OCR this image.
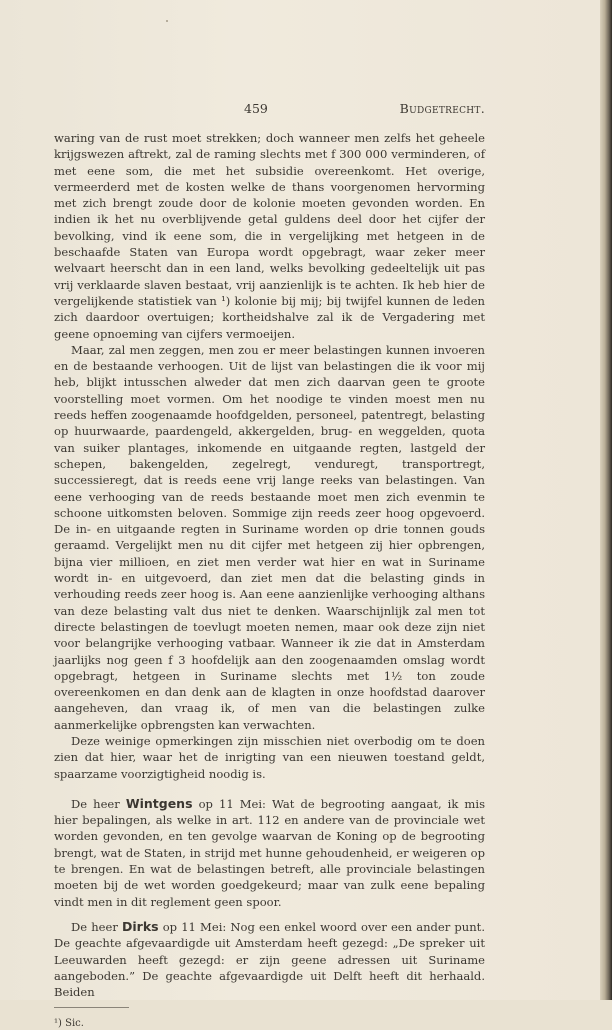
459	Budgetrecht.

waring van de rust moet strekken; doch wanneer men zelfs het geheele krijgswezen aftrekt, zal de raming slechts met f 300 000 verminderen, of met eene som, die met het subsidie overeenkomt. Het overige, vermeerderd met de kosten welke de thans voorgenomen hervorming met zich brengt zoude door de kolonie moeten gevonden worden. En indien ik het nu overblijvende getal guldens deel door het cijfer der bevolking, vind ik eene som, die in vergelijking met hetgeen in de beschaafde Staten van Europa wordt opgebragt, waar zeker meer welvaart heerscht dan in een land, welks bevolking gedeeltelijk uit pas vrij verklaarde slaven bestaat, vrij aanzienlijk is te achten. Ik heb hier de vergelijkende statistiek van ¹) kolonie bij mij; bij twijfel kunnen de leden zich daardoor overtuigen; kortheidshalve zal ik de Vergadering met geene opnoeming van cijfers vermoeijen.

Maar, zal men zeggen, men zou er meer belastingen kunnen invoeren en de bestaande verhoogen. Uit de lijst van belastingen die ik voor mij heb, blijkt intusschen alweder dat men zich daarvan geen te groote voorstelling moet vormen. Om het noodige te vinden moest men nu reeds heffen zoogenaamde hoofdgelden, personeel, patentregt, belasting op huurwaarde, paardengeld, akkergelden, brug- en weggelden, quota van suiker plantages, inkomende en uitgaande regten, lastgeld der schepen, bakengelden, zegelregt, venduregt, transportregt, successieregt, dat is reeds eene vrij lange reeks van belastingen. Van eene verhooging van de reeds bestaande moet men zich evenmin te schoone uitkomsten beloven. Sommige zijn reeds zeer hoog opgevoerd. De in- en uitgaande regten in Suriname worden op drie tonnen gouds geraamd. Vergelijkt men nu dit cijfer met hetgeen zij hier opbrengen, bijna vier millioen, en ziet men verder wat hier en wat in Suriname wordt in- en uitgevoerd, dan ziet men dat die belasting ginds in verhouding reeds zeer hoog is. Aan eene aanzienlijke verhooging althans van deze belasting valt dus niet te denken. Waarschijnlijk zal men tot directe belastingen de toevlugt moeten nemen, maar ook deze zijn niet voor belangrijke verhooging vatbaar. Wanneer ik zie dat in Amsterdam jaarlijks nog geen f 3 hoofdelijk aan den zoogenaamden omslag wordt opgebragt, hetgeen in Suriname slechts met 1½ ton zoude overeenkomen en dan denk aan de klagten in onze hoofdstad daarover aangeheven, dan vraag ik, of men van die belastingen zulke aanmerkelijke opbrengsten kan verwachten.

Deze weinige opmerkingen zijn misschien niet overbodig om te doen zien dat hier, waar het de inrigting van een nieuwen toestand geldt, spaarzame voorzigtigheid noodig is.

De heer Wintgens op 11 Mei: Wat de begrooting aangaat, ik mis hier bepalingen, als welke in art. 112 en andere van de provinciale wet worden gevonden, en ten gevolge waarvan de Koning op de begrooting brengt, wat de Staten, in strijd met hunne gehoudenheid, er weigeren op te brengen. En wat de belastingen betreft, alle provinciale belastingen moeten bij de wet worden goedgekeurd; maar van zulk eene bepaling vindt men in dit reglement geen spoor.

De heer Dirks op 11 Mei: Nog een enkel woord over een ander punt. De geachte afgevaardigde uit Amsterdam heeft gezegd: „De spreker uit Leeuwarden heeft gezegd: er zijn geene adressen uit Suriname aangeboden.” De geachte afgevaardigde uit Delft heeft dit herhaald. Beiden

¹) Sic.
